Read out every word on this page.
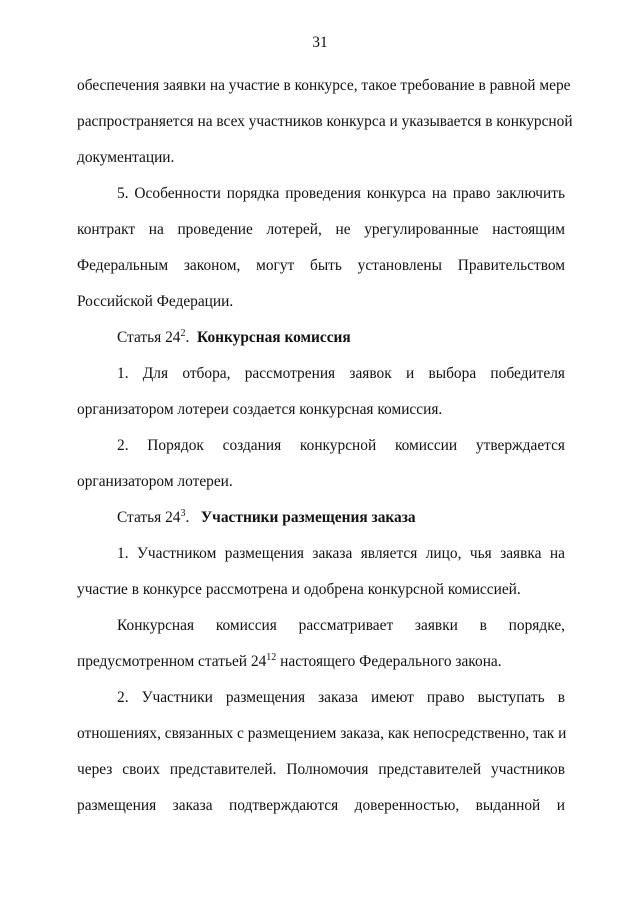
31
обеспечения заявки на участие в конкурсе, такое требование в равной мере
распространяется на всех участников конкурса и указывается в конкурсной
документации.
5. Особенности порядка проведения конкурса на право заключить
контракт на проведение лотерей, не урегулированные настоящим
Федеральным законом, могут быть установлены Правительством
Российской Федерации.
Статья $24^2$. Конкурсная комиссия
1. Для отбора, рассмотрения заявок и выбора победителя
организатором лотереи создается конкурсная комиссия.
2. Порядок создания конкурсной комиссии утверждается
организатором лотереи.
Статья $24^3$. Участники размещения заказа
1. Участником размещения заказа является лицо, чья заявка на
участие в конкурсе рассмотрена и одобрена конкурсной комиссией.
Конкурсная комиссия рассматривает заявки в порядке,
предусмотренном статьей $24^{12}$ настоящего Федерального закона.
2. Участники размещения заказа имеют право выступать в
отношениях, связанных с размещением заказа, как непосредственно, так и
через своих представителей. Полномочия представителей участников
размещения заказа подтверждаются доверенностью, выданной и
